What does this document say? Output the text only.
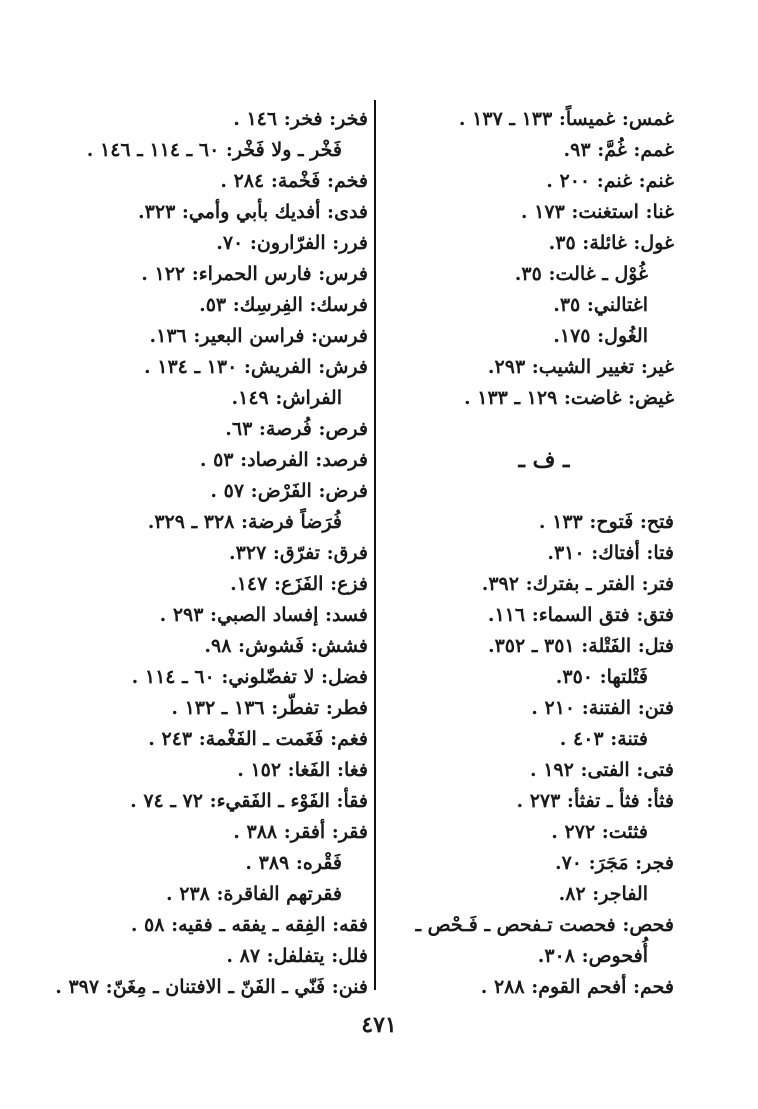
غمس: غميساً: ١٣٣ ـ ١٣٧ .
غمم: غُمَّ: ٩٣.
غنم: غنم: ٢٠٠ .
غنا: استغنت: ١٧٣ .
غول: غائلة: ٣٥.
غُوْل ـ غالت: ٣٥.
اغتالني: ٣٥.
الغُول: ١٧٥.
غير: تغيير الشيب: ٢٩٣.
غيض: غاضت: ١٢٩ ـ ١٣٣ .
ـ ف ـ
فتح: فَتوح: ١٣٣ .
فتا: أفتاك: ٣١٠.
فتر: الفتر ـ بفترك: ٣٩٢.
فتق: فتق السماء: ١١٦.
فتل: الفَتْلة: ٣٥١ ـ ٣٥٢.
فَتْلتها: ٣٥٠.
فتن: الفتنة: ٢١٠ .
فتنة: ٤٠٣ .
فتى: الفتى: ١٩٢ .
فثأ: فثأ ـ تفثأ: ٢٧٣ .
فثئت: ٢٧٢ .
فجر: مَجَرَ: ٧٠.
الفاجر: ٨٢.
فحص: فحصت تـفحص ـ فَـحْص ـ
أُفحوص: ٣٠٨.
فحم: أفحم القوم: ٢٨٨ .
فخر: فخر: ١٤٦ .
فَخْر ـ ولا فَخْر: ٦٠ ـ ١١٤ ـ ١٤٦ .
فخم: فَخْمة: ٢٨٤ .
فدى: أفديك بأبي وأمي: ٣٢٣.
فرر: الفرّارون: ٧٠.
فرس: فارس الحمراء: ١٢٢ .
فرسك: الفِرسِك: ٥٣.
فرسن: فراسن البعير: ١٣٦.
فرش: الفريش: ١٣٠ ـ ١٣٤ .
الفراش: ١٤٩.
فرص: فُرصة: ٦٣.
فرصد: الفرصاد: ٥٣ .
فرض: الفَرْض: ٥٧ .
فُرَضاً فرضة: ٣٢٨ ـ ٣٢٩.
فرق: تفرّق: ٣٢٧.
فزع: الفَزَع: ١٤٧.
فسد: إفساد الصبي: ٢٩٣ .
فشش: فَشوش: ٩٨.
فضل: لا تفضّلوني: ٦٠ ـ ١١٤ .
فطر: تفطّر: ١٣٦ ـ ١٣٢ .
فغم: فَغَمت ـ الفَغْمة: ٢٤٣ .
فغا: الفَغا: ١٥٢ .
فقأ: الفَوْء ـ الفَقيء: ٧٢ ـ ٧٤ .
فقر: أفقر: ٣٨٨ .
فَقْره: ٣٨٩ .
فقرتهم الفاقرة: ٢٣٨ .
فقه: الفِقه ـ يفقه ـ فقيه: ٥٨ .
فلل: يتفلفل: ٨٧ .
فنن: فَنّي ـ الفَنّ ـ الافتنان ـ مِغَنّ: ٣٩٧ .
٤٧١
